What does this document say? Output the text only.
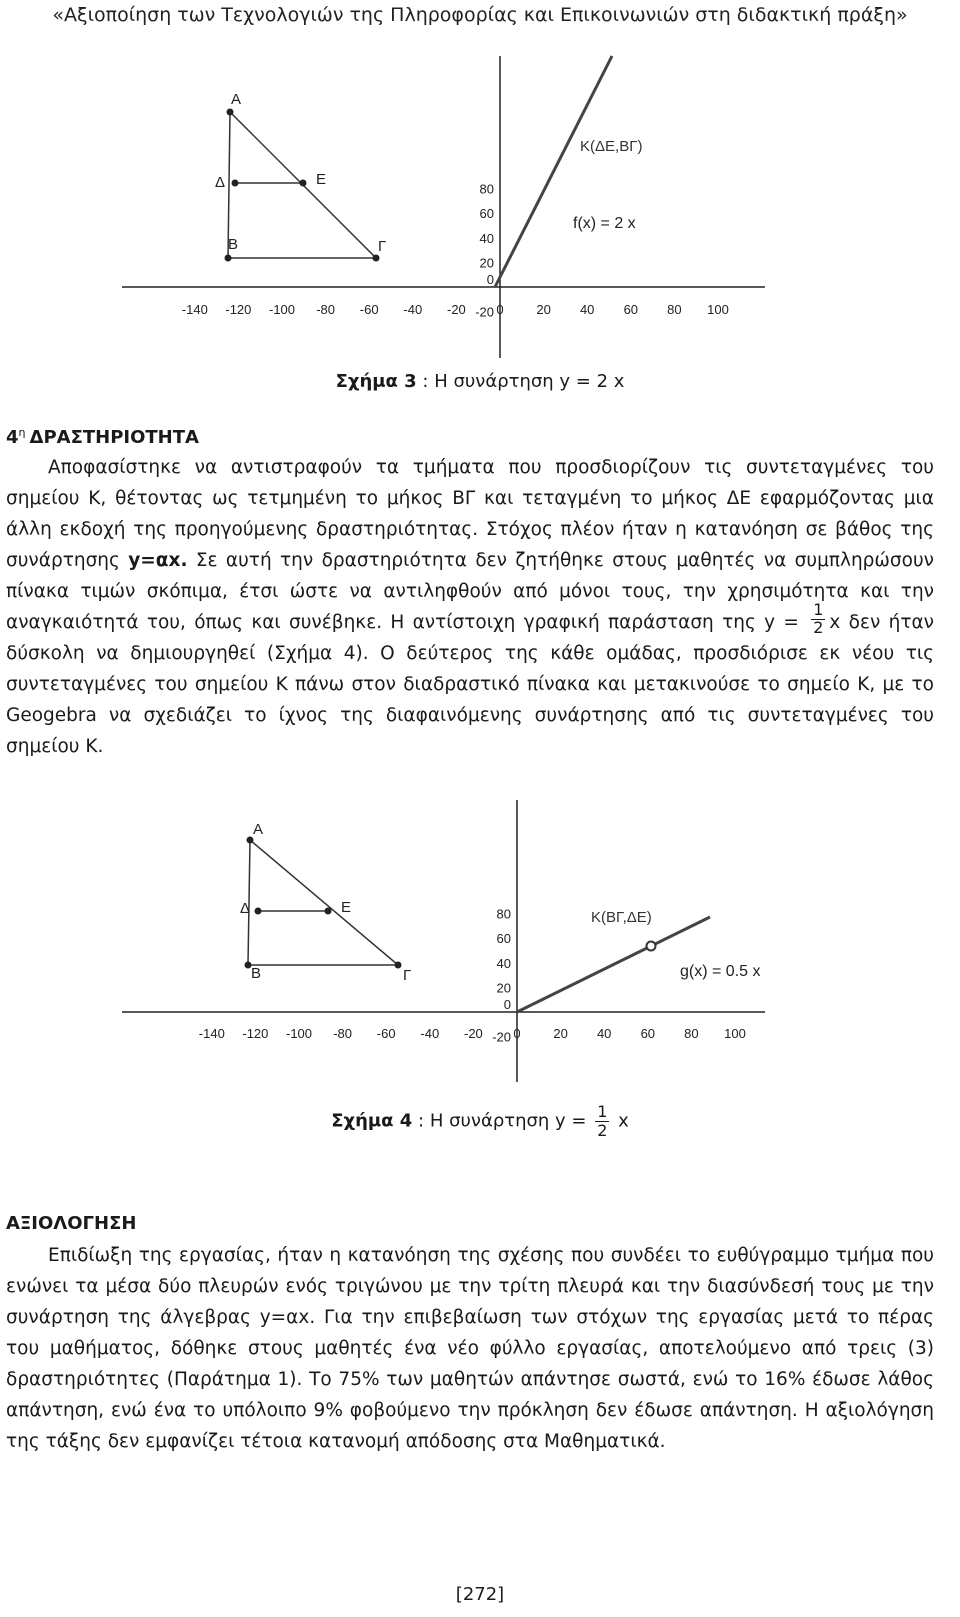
«Αξιοποίηση των Τεχνολογιών της Πληροφορίας και Επικοινωνιών στη διδακτική πράξη»
-140 -120 -100 -80 -60 -40 -20 0	20 40 60 80 100
80
60
40
20
0
-20
Α
Δ	Ε
Β	Γ
Κ(ΔΕ,ΒΓ)
f(x) = 2 x
Σχήμα 3 : Η συνάρτηση y = 2 x
$4^\eta$ ΔΡΑΣΤΗΡΙΟΤΗΤΑ

Αποφασίστηκε να αντιστραφούν τα τμήματα που προσδιορίζουν τις συντεταγμένες του σημείου Κ, θέτοντας ως τετμημένη το μήκος ΒΓ και τεταγμένη το μήκος ΔΕ εφαρμόζοντας μια άλλη εκδοχή της προηγούμενης δραστηριότητας. Στόχος πλέον ήταν η κατανόηση σε βάθος της συνάρτησης y=αx. Σε αυτή την δραστηριότητα δεν ζητήθηκε στους μαθητές να συμπληρώσουν πίνακα τιμών σκόπιμα, έτσι ώστε να αντιληφθούν από μόνοι τους, την χρησιμότητα και την αναγκαιότητά του, όπως και συνέβηκε. Η αντίστοιχη γραφική παράσταση της $y = \frac{1}{2}$ x δεν ήταν δύσκολη να δημιουργηθεί (Σχήμα 4). Ο δεύτερος της κάθε ομάδας, προσδιόρισε εκ νέου τις συντεταγμένες του σημείου Κ πάνω στον διαδραστικό πίνακα και μετακινούσε το σημείο Κ, με το Geogebra να σχεδιάζει το ίχνος της διαφαινόμενης συνάρτησης από τις συντεταγμένες του σημείου Κ.

-140 -120 -100 -80 -60 -40 -20 0	20 40 60 80 100
80
60
40
20
0
-20
Α
Δ	Ε
Β	Γ
Κ(ΒΓ,ΔΕ)
g(x) = 0.5 x
Σχήμα 4 : Η συνάρτηση $y = \frac{1}{2}$ x
ΑΞΙΟΛΟΓΗΣΗ

Επιδίωξη της εργασίας, ήταν η κατανόηση της σχέσης που συνδέει το ευθύγραμμο τμήμα που ενώνει τα μέσα δύο πλευρών ενός τριγώνου με την τρίτη πλευρά και την διασύνδεσή τους με την συνάρτηση της άλγεβρας y=αx. Για την επιβεβαίωση των στόχων της εργασίας μετά το πέρας του μαθήματος, δόθηκε στους μαθητές ένα νέο φύλλο εργασίας, αποτελούμενο από τρεις (3) δραστηριότητες (Παράτημα 1). Το 75% των μαθητών απάντησε σωστά, ενώ το 16% έδωσε λάθος απάντηση, ενώ ένα το υπόλοιπο 9% φοβούμενο την πρόκληση δεν έδωσε απάντηση. Η αξιολόγηση της τάξης δεν εμφανίζει τέτοια κατανομή απόδοσης στα Μαθηματικά.

[272]
